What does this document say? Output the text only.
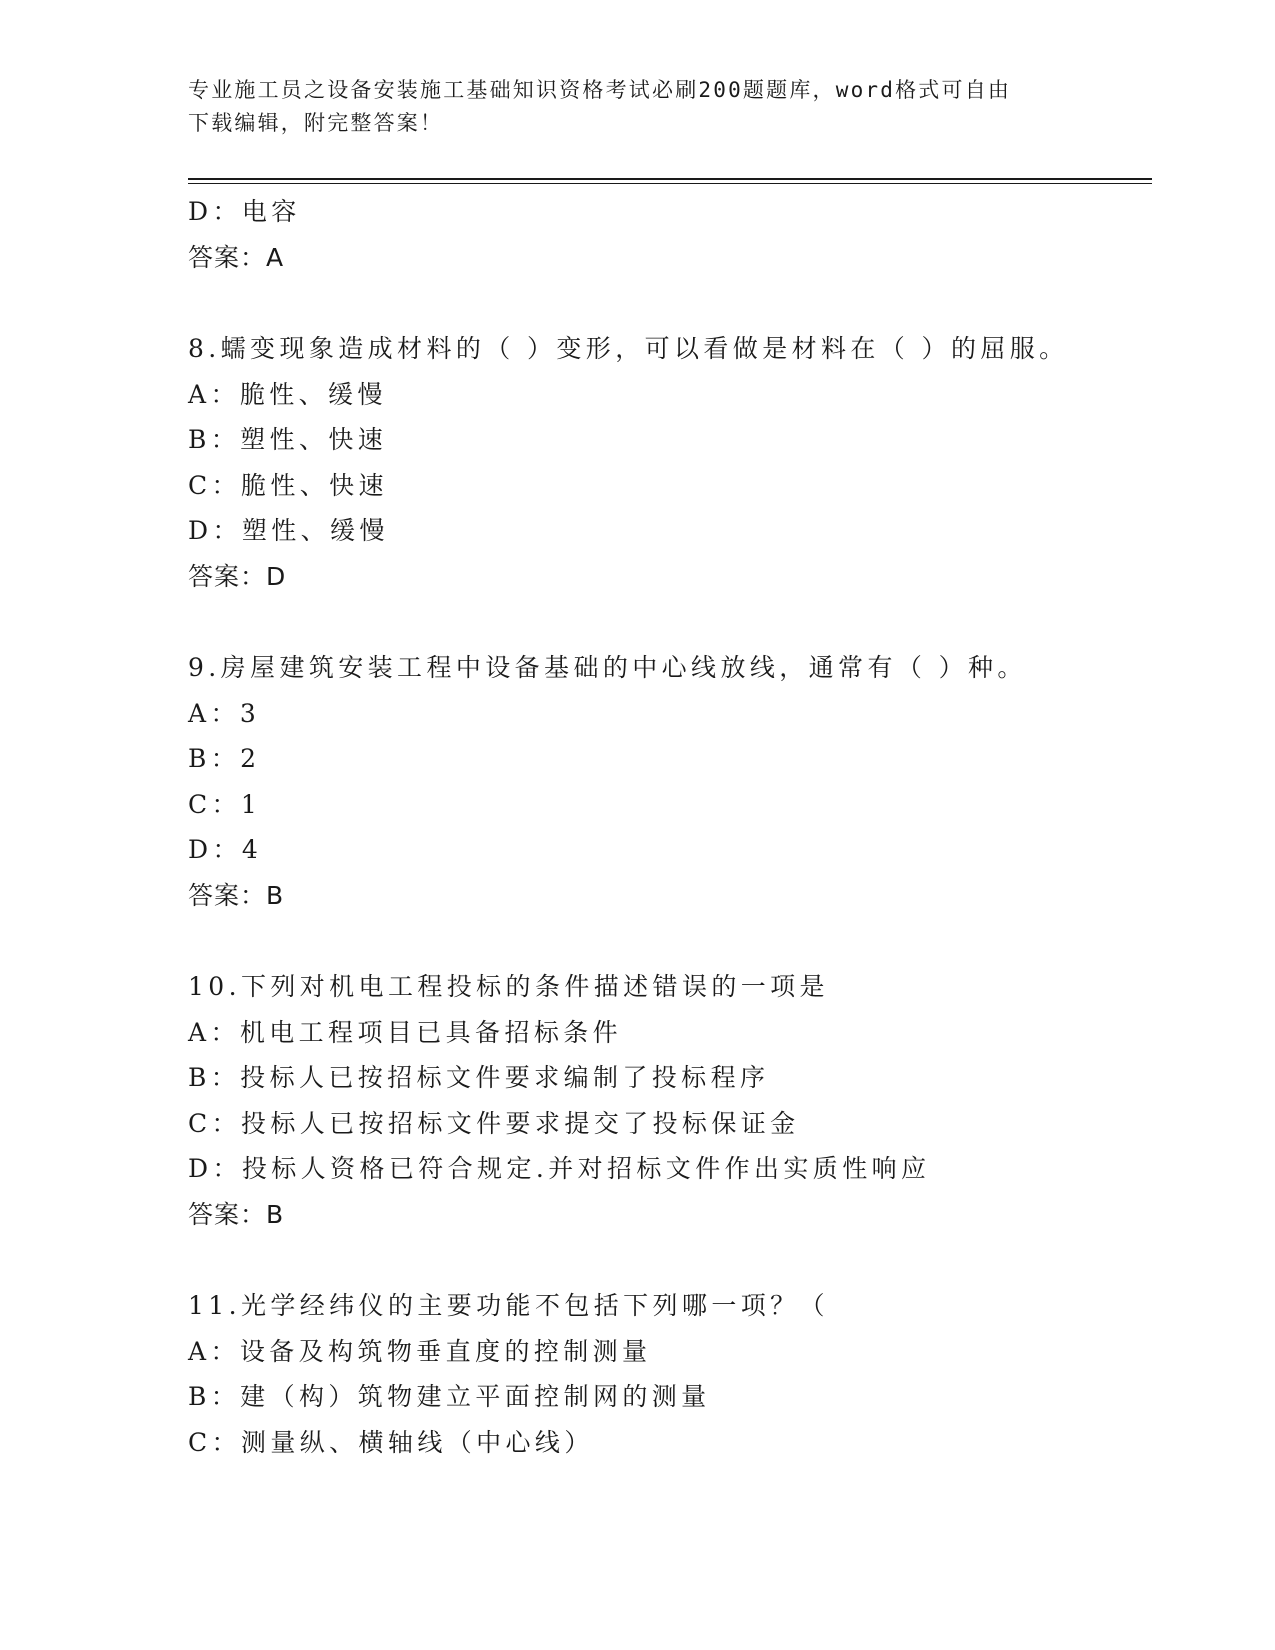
专业施工员之设备安装施工基础知识资格考试必刷200题题库，word格式可自由
下载编辑，附完整答案！
D：电容
答案：A
8.蠕变现象造成材料的（ ）变形，可以看做是材料在（ ）的屈服。
A：脆性、缓慢
B：塑性、快速
C：脆性、快速
D：塑性、缓慢
答案：D
9.房屋建筑安装工程中设备基础的中心线放线，通常有（ ）种。
A：3
B：2
C：1
D：4
答案：B
10.下列对机电工程投标的条件描述错误的一项是
A：机电工程项目已具备招标条件
B：投标人已按招标文件要求编制了投标程序
C：投标人已按招标文件要求提交了投标保证金
D：投标人资格已符合规定.并对招标文件作出实质性响应
答案：B
11.光学经纬仪的主要功能不包括下列哪一项？（
A：设备及构筑物垂直度的控制测量
B：建（构）筑物建立平面控制网的测量
C：测量纵、横轴线（中心线）
